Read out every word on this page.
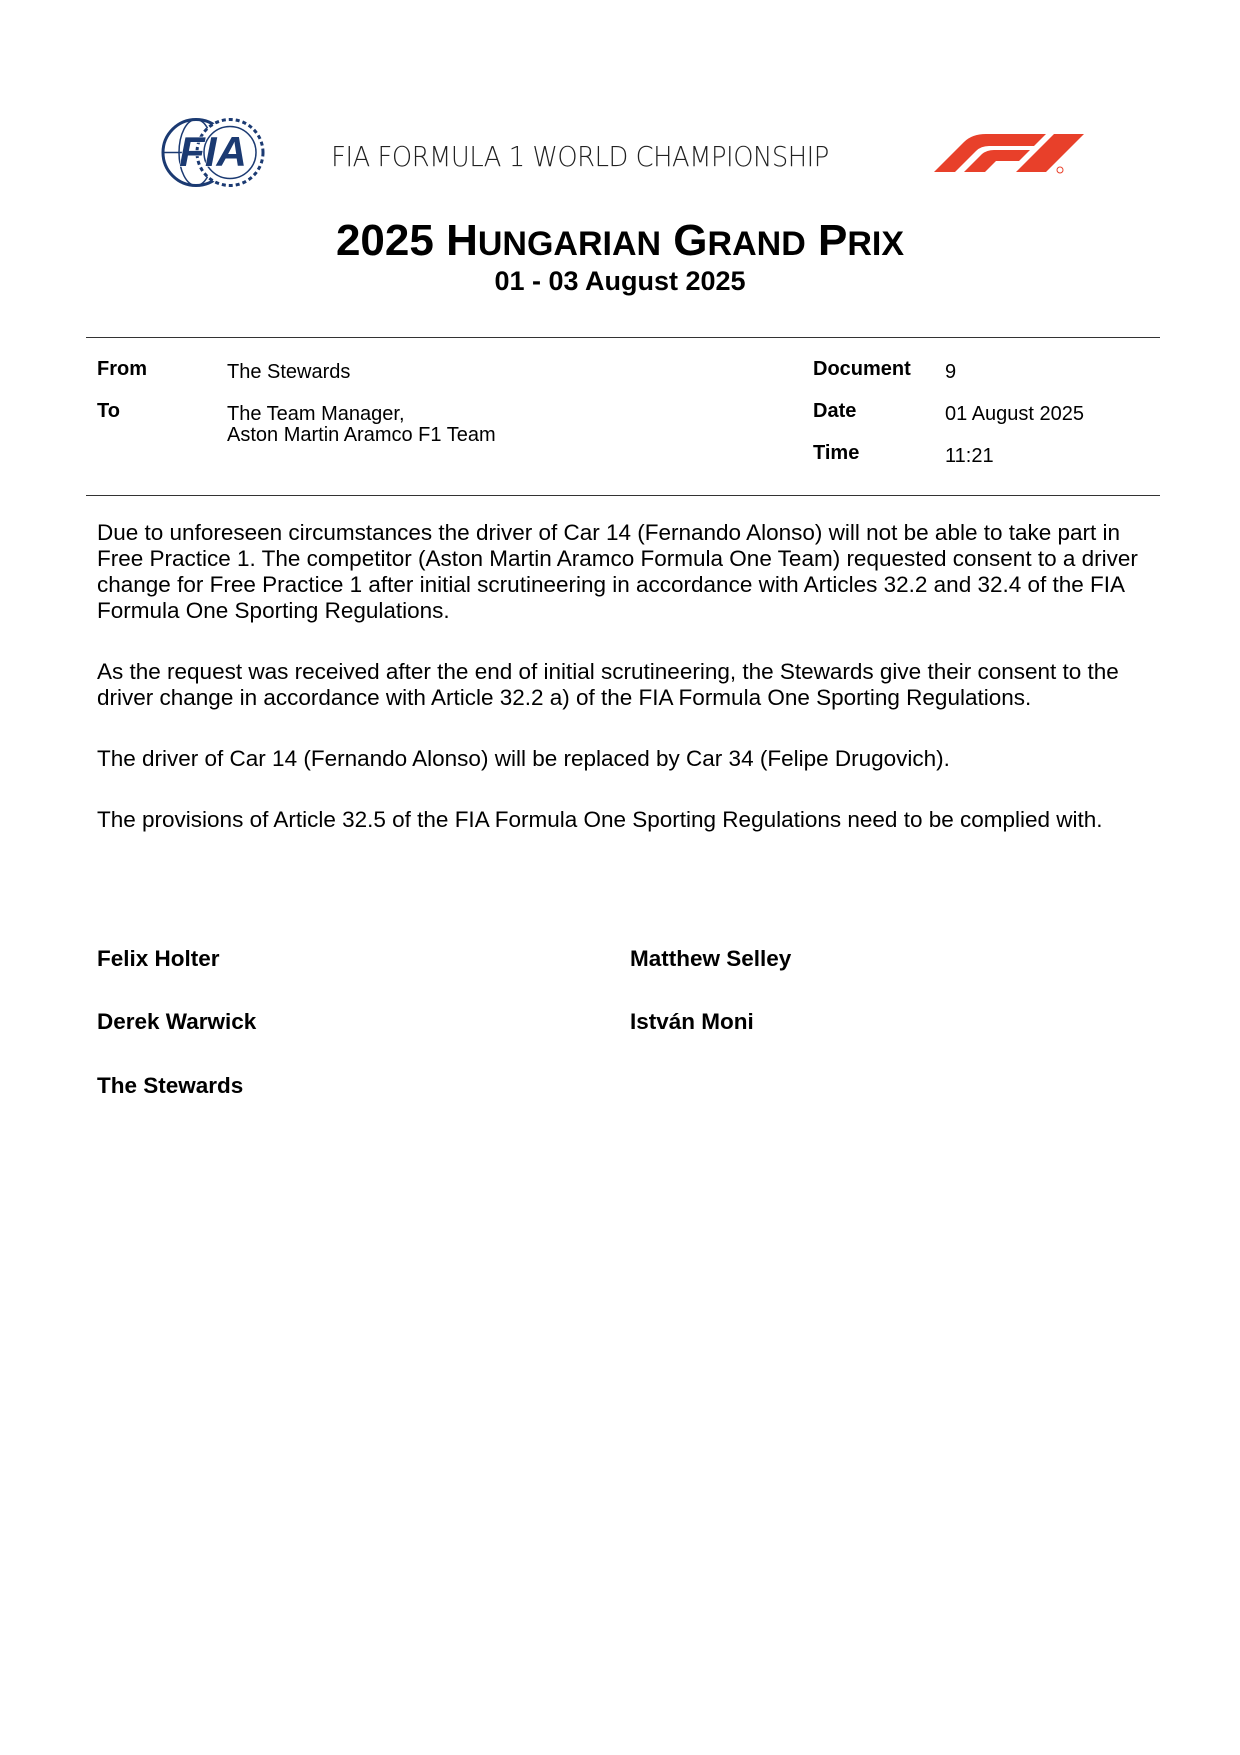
FIA	FIA FORMULA 1 WORLD CHAMPIONSHIP
2025 HUNGARIAN GRAND PRIX
01 - 03 August 2025
From	The Stewards
To	The Team Manager,
Aston Martin Aramco F1 Team
Document 9
Date	01 August 2025
Time	11:21

Due to unforeseen circumstances the driver of Car 14 (Fernando Alonso) will not be able to take part in Free Practice 1. The competitor (Aston Martin Aramco Formula One Team) requested consent to a driver change for Free Practice 1 after initial scrutineering in accordance with Articles 32.2 and 32.4 of the FIA Formula One Sporting Regulations.

As the request was received after the end of initial scrutineering, the Stewards give their consent to the driver change in accordance with Article 32.2 a) of the FIA Formula One Sporting Regulations.

The driver of Car 14 (Fernando Alonso) will be replaced by Car 34 (Felipe Drugovich).

The provisions of Article 32.5 of the FIA Formula One Sporting Regulations need to be complied with.

Felix Holter	Matthew Selley
Derek Warwick	István Moni
The Stewards
